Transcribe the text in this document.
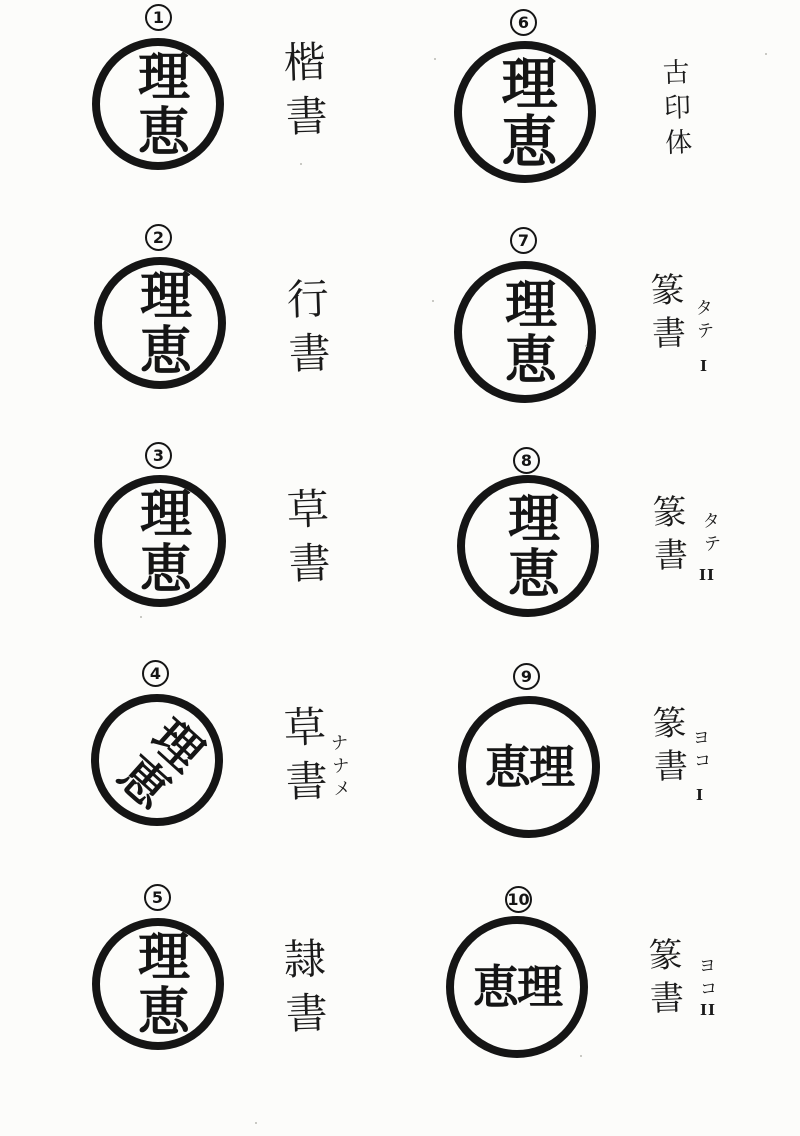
1
理恵 楷書
2
理恵 行書
3
理恵 草書
4
理恵 草書
ナナメ
5
理恵 隷書
6
理恵	古印体
7
理恵	篆書 タテ
I
8
理恵	篆書 タテ
II
9
恵理 篆書 ヨコ
I
10
恵理 篆書 ヨコ
II
